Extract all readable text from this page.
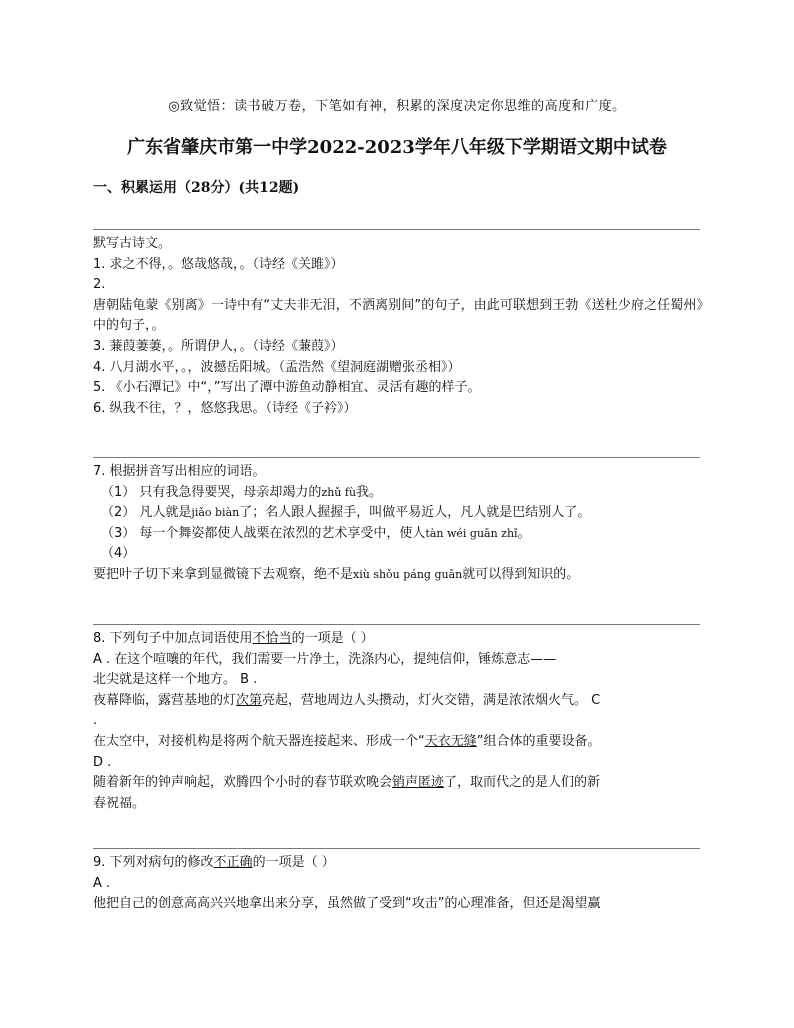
◎致觉悟：读书破万卷，下笔如有神，积累的深度决定你思维的高度和广度。
广东省肇庆市第一中学2022-2023学年八年级下学期语文期中试卷
一、积累运用（28分）(共12题)
默写古诗文。
1. 求之不得，。悠哉悠哉，。（诗经《关雎》）
2.
唐朝陆龟蒙《别离》一诗中有“丈夫非无泪，不洒离别间”的句子，由此可联想到王勃《送杜少府之任蜀州》中的句子，。
3. 蒹葭萋萋，。所谓伊人，。（诗经《蒹葭》）
4. 八月湖水平，。，波撼岳阳城。（孟浩然《望洞庭湖赠张丞相》）
5. 《小石潭记》中“，”写出了潭中游鱼动静相宜、灵活有趣的样子。
6. 纵我不往，？，悠悠我思。（诗经《子衿》）
7. 根据拼音写出相应的词语。
（1） 只有我急得要哭，母亲却竭力的zhǔ fù我。
（2） 凡人就是jiǎo biàn了；名人跟人握握手，叫做平易近人，凡人就是巴结别人了。
（3） 每一个舞姿都使人战栗在浓烈的艺术享受中，使人tàn wéi guān zhǐ。
（4）
要把叶子切下来拿到显微镜下去观察，绝不是xiù shǒu páng guān就可以得到知识的。
8. 下列句子中加点词语使用不恰当的一项是（ ）
A . 在这个喧嚷的年代，我们需要一片净土，洗涤内心，提纯信仰，锤炼意志——
北尖就是这样一个地方。 B .
夜幕降临，露营基地的灯次第亮起，营地周边人头攒动，灯火交错，满是浓浓烟火气。 C
.
在太空中，对接机构是将两个航天器连接起来、形成一个“天衣无缝”组合体的重要设备。
D .
随着新年的钟声响起，欢腾四个小时的春节联欢晚会销声匿迹了，取而代之的是人们的新
春祝福。
9. 下列对病句的修改不正确的一项是（ ）
A .
他把自己的创意高高兴兴地拿出来分享，虽然做了受到“攻击”的心理准备，但还是渴望赢
